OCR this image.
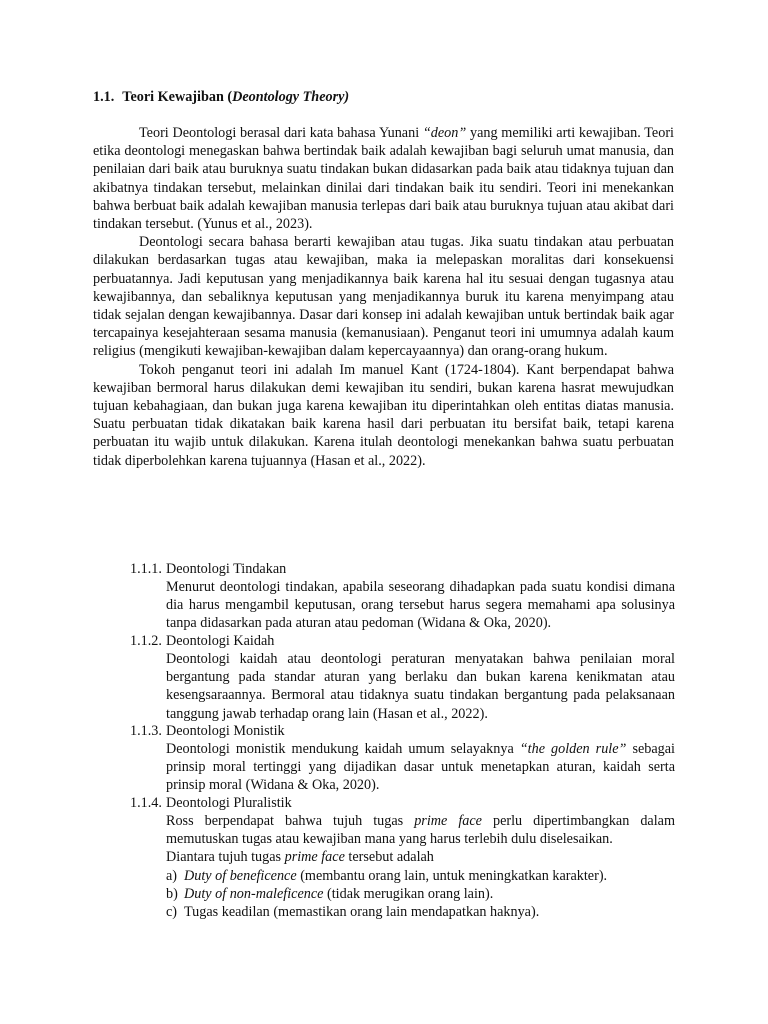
1.1. Teori Kewajiban (Deontology Theory)

Teori Deontologi berasal dari kata bahasa Yunani “deon” yang memiliki arti kewajiban. Teori etika deontologi menegaskan bahwa bertindak baik adalah kewajiban bagi seluruh umat manusia, dan penilaian dari baik atau buruknya suatu tindakan bukan didasarkan pada baik atau tidaknya tujuan dan akibatnya tindakan tersebut, melainkan dinilai dari tindakan baik itu sendiri. Teori ini menekankan bahwa berbuat baik adalah kewajiban manusia terlepas dari baik atau buruknya tujuan atau akibat dari tindakan tersebut. (Yunus et al., 2023).

Deontologi secara bahasa berarti kewajiban atau tugas. Jika suatu tindakan atau perbuatan dilakukan berdasarkan tugas atau kewajiban, maka ia melepaskan moralitas dari konsekuensi perbuatannya. Jadi keputusan yang menjadikannya baik karena hal itu sesuai dengan tugasnya atau kewajibannya, dan sebaliknya keputusan yang menjadikannya buruk itu karena menyimpang atau tidak sejalan dengan kewajibannya. Dasar dari konsep ini adalah kewajiban untuk bertindak baik agar tercapainya kesejahteraan sesama manusia (kemanusiaan). Penganut teori ini umumnya adalah kaum religius (mengikuti kewajiban-kewajiban dalam kepercayaannya) dan orang-orang hukum.

Tokoh penganut teori ini adalah Im manuel Kant (1724-1804). Kant berpendapat bahwa kewajiban bermoral harus dilakukan demi kewajiban itu sendiri, bukan karena hasrat mewujudkan tujuan kebahagiaan, dan bukan juga karena kewajiban itu diperintahkan oleh entitas diatas manusia. Suatu perbuatan tidak dikatakan baik karena hasil dari perbuatan itu bersifat baik, tetapi karena perbuatan itu wajib untuk dilakukan. Karena itulah deontologi menekankan bahwa suatu perbuatan tidak diperbolehkan karena tujuannya (Hasan et al., 2022).

1.1.1. Deontologi Tindakan
Menurut deontologi tindakan, apabila seseorang dihadapkan pada suatu kondisi dimana dia harus mengambil keputusan, orang tersebut harus segera memahami apa solusinya tanpa didasarkan pada aturan atau pedoman (Widana & Oka, 2020).
1.1.2. Deontologi Kaidah
Deontologi kaidah atau deontologi peraturan menyatakan bahwa penilaian moral bergantung pada standar aturan yang berlaku dan bukan karena kenikmatan atau kesengsaraannya. Bermoral atau tidaknya suatu tindakan bergantung pada pelaksanaan tanggung jawab terhadap orang lain (Hasan et al., 2022).
1.1.3. Deontologi Monistik
Deontologi monistik mendukung kaidah umum selayaknya “the golden rule” sebagai prinsip moral tertinggi yang dijadikan dasar untuk menetapkan aturan, kaidah serta prinsip moral (Widana & Oka, 2020).
1.1.4. Deontologi Pluralistik
Ross berpendapat bahwa tujuh tugas prime face perlu dipertimbangkan dalam memutuskan tugas atau kewajiban mana yang harus terlebih dulu diselesaikan.
Diantara tujuh tugas prime face tersebut adalah
a) Duty of beneficence (membantu orang lain, untuk meningkatkan karakter).
b) Duty of non-maleficence (tidak merugikan orang lain).
c) Tugas keadilan (memastikan orang lain mendapatkan haknya).
